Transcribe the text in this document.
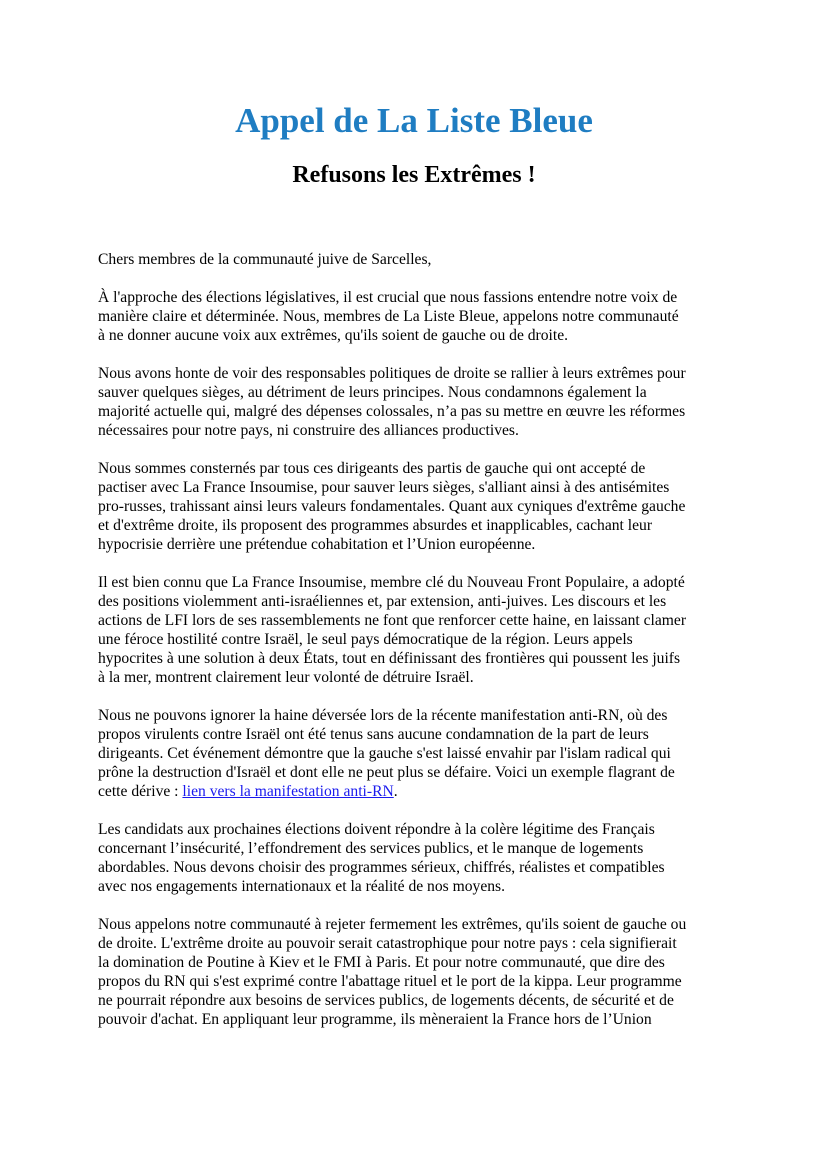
Appel de La Liste Bleue
Refusons les Extrêmes !

Chers membres de la communauté juive de Sarcelles,

À l'approche des élections législatives, il est crucial que nous fassions entendre notre voix de
manière claire et déterminée. Nous, membres de La Liste Bleue, appelons notre communauté
à ne donner aucune voix aux extrêmes, qu'ils soient de gauche ou de droite.

Nous avons honte de voir des responsables politiques de droite se rallier à leurs extrêmes pour
sauver quelques sièges, au détriment de leurs principes. Nous condamnons également la
majorité actuelle qui, malgré des dépenses colossales, n’a pas su mettre en œuvre les réformes
nécessaires pour notre pays, ni construire des alliances productives.

Nous sommes consternés par tous ces dirigeants des partis de gauche qui ont accepté de
pactiser avec La France Insoumise, pour sauver leurs sièges, s'alliant ainsi à des antisémites
pro-russes, trahissant ainsi leurs valeurs fondamentales. Quant aux cyniques d'extrême gauche
et d'extrême droite, ils proposent des programmes absurdes et inapplicables, cachant leur
hypocrisie derrière une prétendue cohabitation et l’Union européenne.

Il est bien connu que La France Insoumise, membre clé du Nouveau Front Populaire, a adopté
des positions violemment anti-israéliennes et, par extension, anti-juives. Les discours et les
actions de LFI lors de ses rassemblements ne font que renforcer cette haine, en laissant clamer
une féroce hostilité contre Israël, le seul pays démocratique de la région. Leurs appels
hypocrites à une solution à deux États, tout en définissant des frontières qui poussent les juifs
à la mer, montrent clairement leur volonté de détruire Israël.

Nous ne pouvons ignorer la haine déversée lors de la récente manifestation anti-RN, où des
propos virulents contre Israël ont été tenus sans aucune condamnation de la part de leurs
dirigeants. Cet événement démontre que la gauche s'est laissé envahir par l'islam radical qui
prône la destruction d'Israël et dont elle ne peut plus se défaire. Voici un exemple flagrant de
cette dérive : lien vers la manifestation anti-RN.

Les candidats aux prochaines élections doivent répondre à la colère légitime des Français
concernant l’insécurité, l’effondrement des services publics, et le manque de logements
abordables. Nous devons choisir des programmes sérieux, chiffrés, réalistes et compatibles
avec nos engagements internationaux et la réalité de nos moyens.

Nous appelons notre communauté à rejeter fermement les extrêmes, qu'ils soient de gauche ou
de droite. L'extrême droite au pouvoir serait catastrophique pour notre pays : cela signifierait
la domination de Poutine à Kiev et le FMI à Paris. Et pour notre communauté, que dire des
propos du RN qui s'est exprimé contre l'abattage rituel et le port de la kippa. Leur programme
ne pourrait répondre aux besoins de services publics, de logements décents, de sécurité et de
pouvoir d'achat. En appliquant leur programme, ils mèneraient la France hors de l’Union
